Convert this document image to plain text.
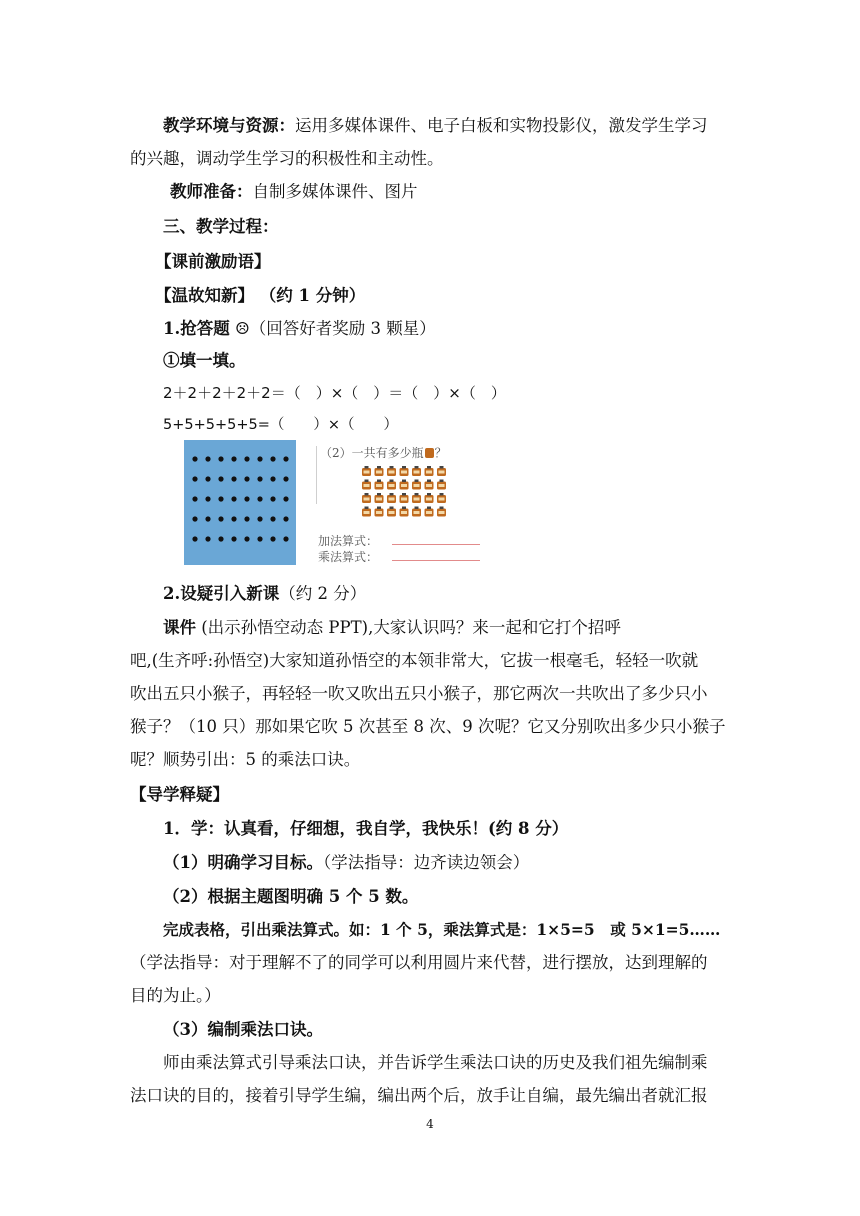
教学环境与资源：运用多媒体课件、电子白板和实物投影仪，激发学生学习
的兴趣，调动学生学习的积极性和主动性。
教师准备：自制多媒体课件、图片
三、教学过程：
【课前激励语】
【温故知新】 （约 1 分钟）
1.抢答题 ☹（回答好者奖励 3 颗星）
①填一填。
2＋2＋2＋2＋2＝（　）×（　）＝（　）×（　）
5+5+5+5+5=（　　）×（　　）
（2）一共有多少瓶 ？
加法算式：
乘法算式：
2.设疑引入新课（约 2 分）
课件 (出示孙悟空动态 PPT),大家认识吗？来一起和它打个招呼
吧,(生齐呼:孙悟空)大家知道孙悟空的本领非常大，它拔一根毫毛，轻轻一吹就
吹出五只小猴子，再轻轻一吹又吹出五只小猴子，那它两次一共吹出了多少只小
猴子？（10 只）那如果它吹 5 次甚至 8 次、9 次呢？它又分别吹出多少只小猴子
呢？顺势引出：5 的乘法口诀。
【导学释疑】
1．学：认真看，仔细想，我自学，我快乐！(约 8 分）
（1）明确学习目标。（学法指导：边齐读边领会）
（2）根据主题图明确 5 个 5 数。
完成表格，引出乘法算式。如：1 个 5，乘法算式是：1×5=5　或 5×1=5……
（学法指导：对于理解不了的同学可以利用圆片来代替，进行摆放，达到理解的
目的为止。）
（3）编制乘法口诀。
师由乘法算式引导乘法口诀，并告诉学生乘法口诀的历史及我们祖先编制乘
法口诀的目的，接着引导学生编，编出两个后，放手让自编，最先编出者就汇报
4
